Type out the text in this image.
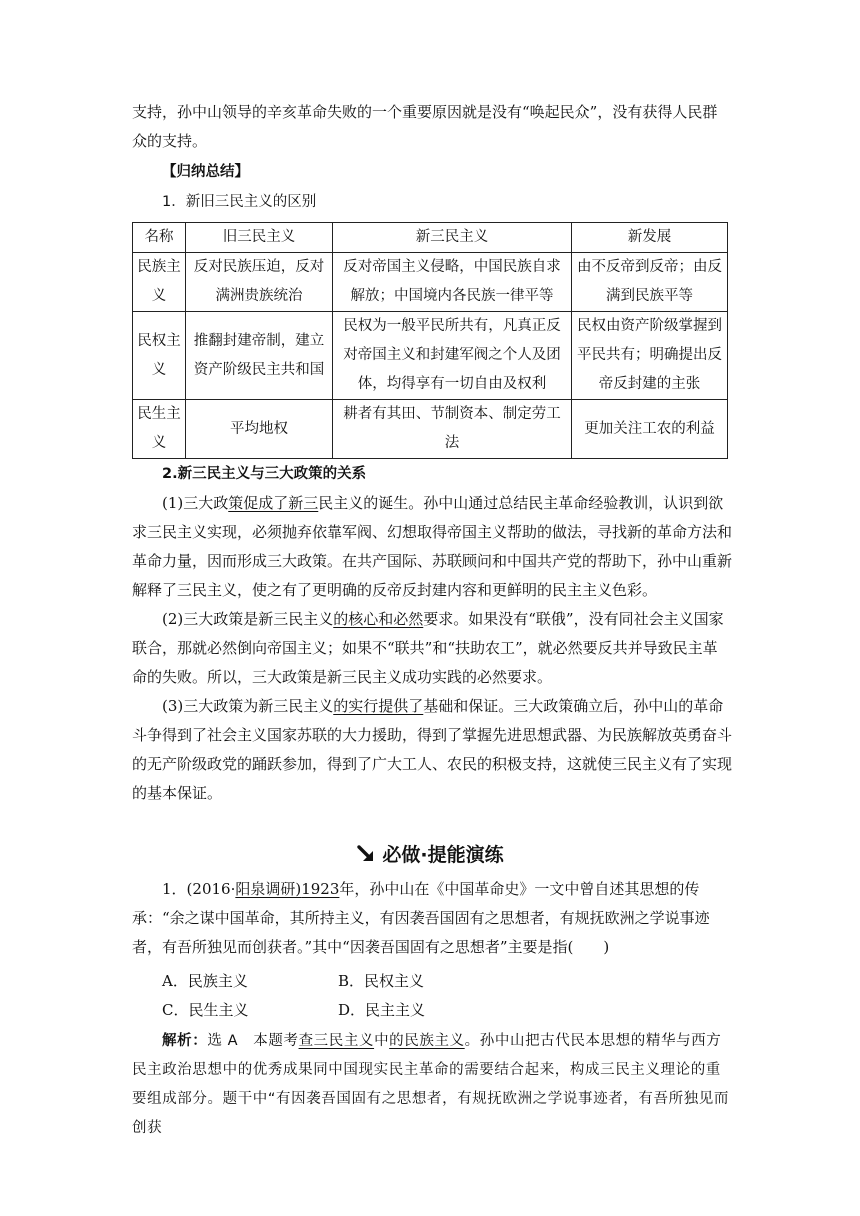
支持，孙中山领导的辛亥革命失败的一个重要原因就是没有“唤起民众”，没有获得人民群众的支持。

【归纳总结】

1．新旧三民主义的区别

名称	旧三民主义	新三民主义	新发展
民族主义	反对民族压迫，反对满洲贵族统治	反对帝国主义侵略，中国民族自求解放；中国境内各民族一律平等	由不反帝到反帝；由反满到民族平等
民权主义	推翻封建帝制，建立资产阶级民主共和国	民权为一般平民所共有，凡真正反对帝国主义和封建军阀之个人及团体，均得享有一切自由及权利	民权由资产阶级掌握到平民共有；明确提出反帝反封建的主张
民生主义	平均地权	耕者有其田、节制资本、制定劳工法	更加关注工农的利益

2.新三民主义与三大政策的关系

(1)三大政策促成了新三民主义的诞生。孙中山通过总结民主革命经验教训，认识到欲求三民主义实现，必须抛弃依靠军阀、幻想取得帝国主义帮助的做法，寻找新的革命方法和革命力量，因而形成三大政策。在共产国际、苏联顾问和中国共产党的帮助下，孙中山重新解释了三民主义，使之有了更明确的反帝反封建内容和更鲜明的民主主义色彩。

(2)三大政策是新三民主义的核心和必然要求。如果没有“联俄”，没有同社会主义国家联合，那就必然倒向帝国主义；如果不“联共”和“扶助农工”，就必然要反共并导致民主革命的失败。所以，三大政策是新三民主义成功实践的必然要求。

(3)三大政策为新三民主义的实行提供了基础和保证。三大政策确立后，孙中山的革命斗争得到了社会主义国家苏联的大力援助，得到了掌握先进思想武器、为民族解放英勇奋斗的无产阶级政党的踊跃参加，得到了广大工人、农民的积极支持，这就使三民主义有了实现的基本保证。

必做·提能演练

1．(2016·阳泉调研)1923年，孙中山在《中国革命史》一文中曾自述其思想的传承：“余之谋中国革命，其所持主义，有因袭吾国固有之思想者，有规抚欧洲之学说事迹者，有吾所独见而创获者。”其中“因袭吾国固有之思想者”主要是指(　　)

A．民族主义	B．民权主义
C．民生主义	D．民主主义

解析：选 A　本题考查三民主义中的民族主义。孙中山把古代民本思想的精华与西方民主政治思想中的优秀成果同中国现实民主革命的需要结合起来，构成三民主义理论的重要组成部分。题干中“有因袭吾国固有之思想者，有规抚欧洲之学说事迹者，有吾所独见而创获
